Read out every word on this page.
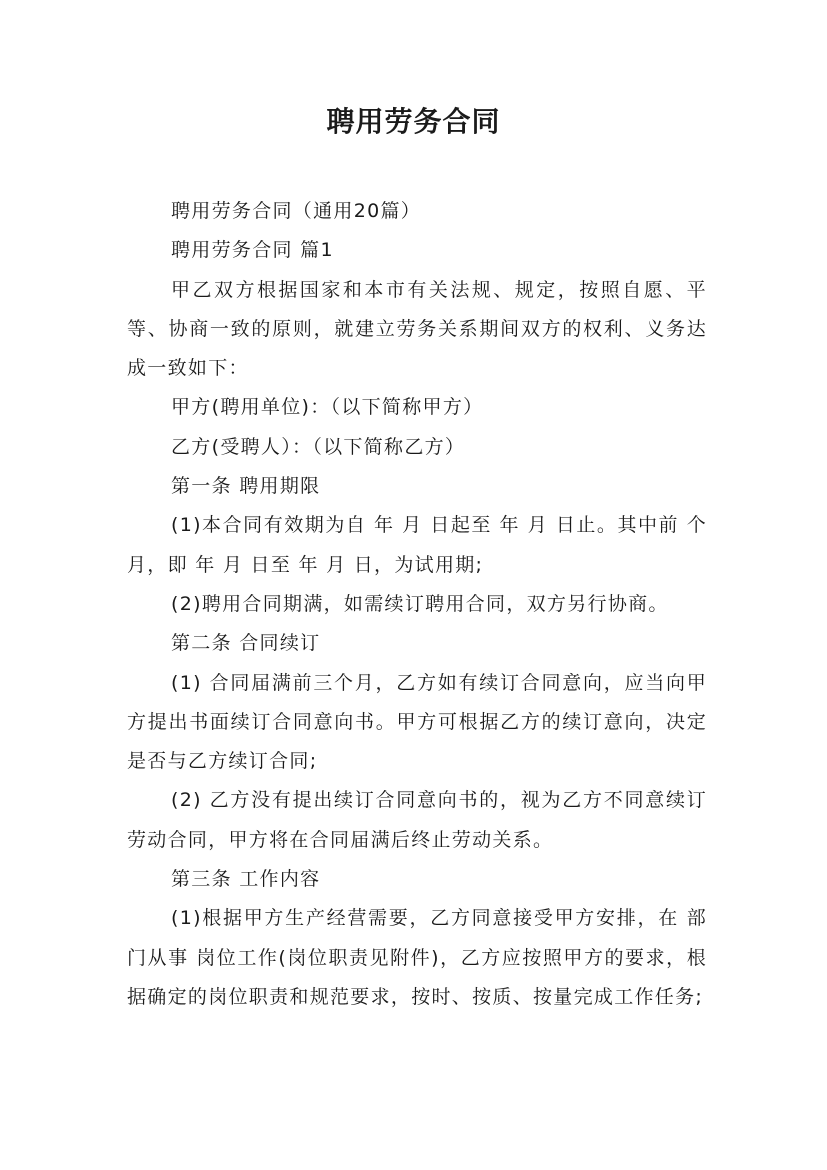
聘用劳务合同

聘用劳务合同（通用20篇）

聘用劳务合同 篇1

甲乙双方根据国家和本市有关法规、规定，按照自愿、平等、协商一致的原则，就建立劳务关系期间双方的权利、义务达成一致如下：

甲方(聘用单位)：（以下简称甲方）

乙方(受聘人）：（以下简称乙方）

第一条 聘用期限

(1)本合同有效期为自 年 月 日起至 年 月 日止。其中前 个月，即 年 月 日至 年 月 日，为试用期;

(2)聘用合同期满，如需续订聘用合同，双方另行协商。

第二条 合同续订

(1) 合同届满前三个月，乙方如有续订合同意向，应当向甲方提出书面续订合同意向书。甲方可根据乙方的续订意向，决定是否与乙方续订合同;

(2) 乙方没有提出续订合同意向书的，视为乙方不同意续订劳动合同，甲方将在合同届满后终止劳动关系。

第三条 工作内容

(1)根据甲方生产经营需要，乙方同意接受甲方安排，在 部门从事 岗位工作(岗位职责见附件)，乙方应按照甲方的要求，根据确定的岗位职责和规范要求，按时、按质、按量完成工作任务;
